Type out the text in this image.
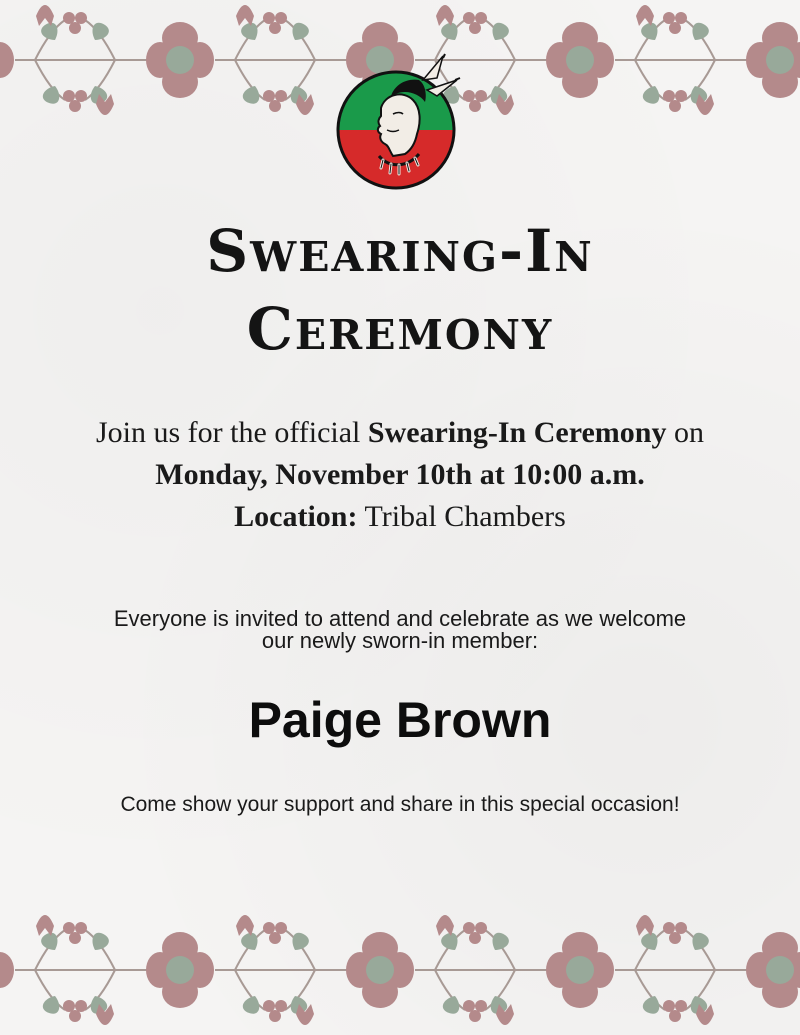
Swearing-In
Ceremony
Join us for the official Swearing-In Ceremony on
Monday, November 10th at 10:00 a.m.
Location: Tribal Chambers
Everyone is invited to attend and celebrate as we welcome
our newly sworn-in member:
Paige Brown
Come show your support and share in this special occasion!
